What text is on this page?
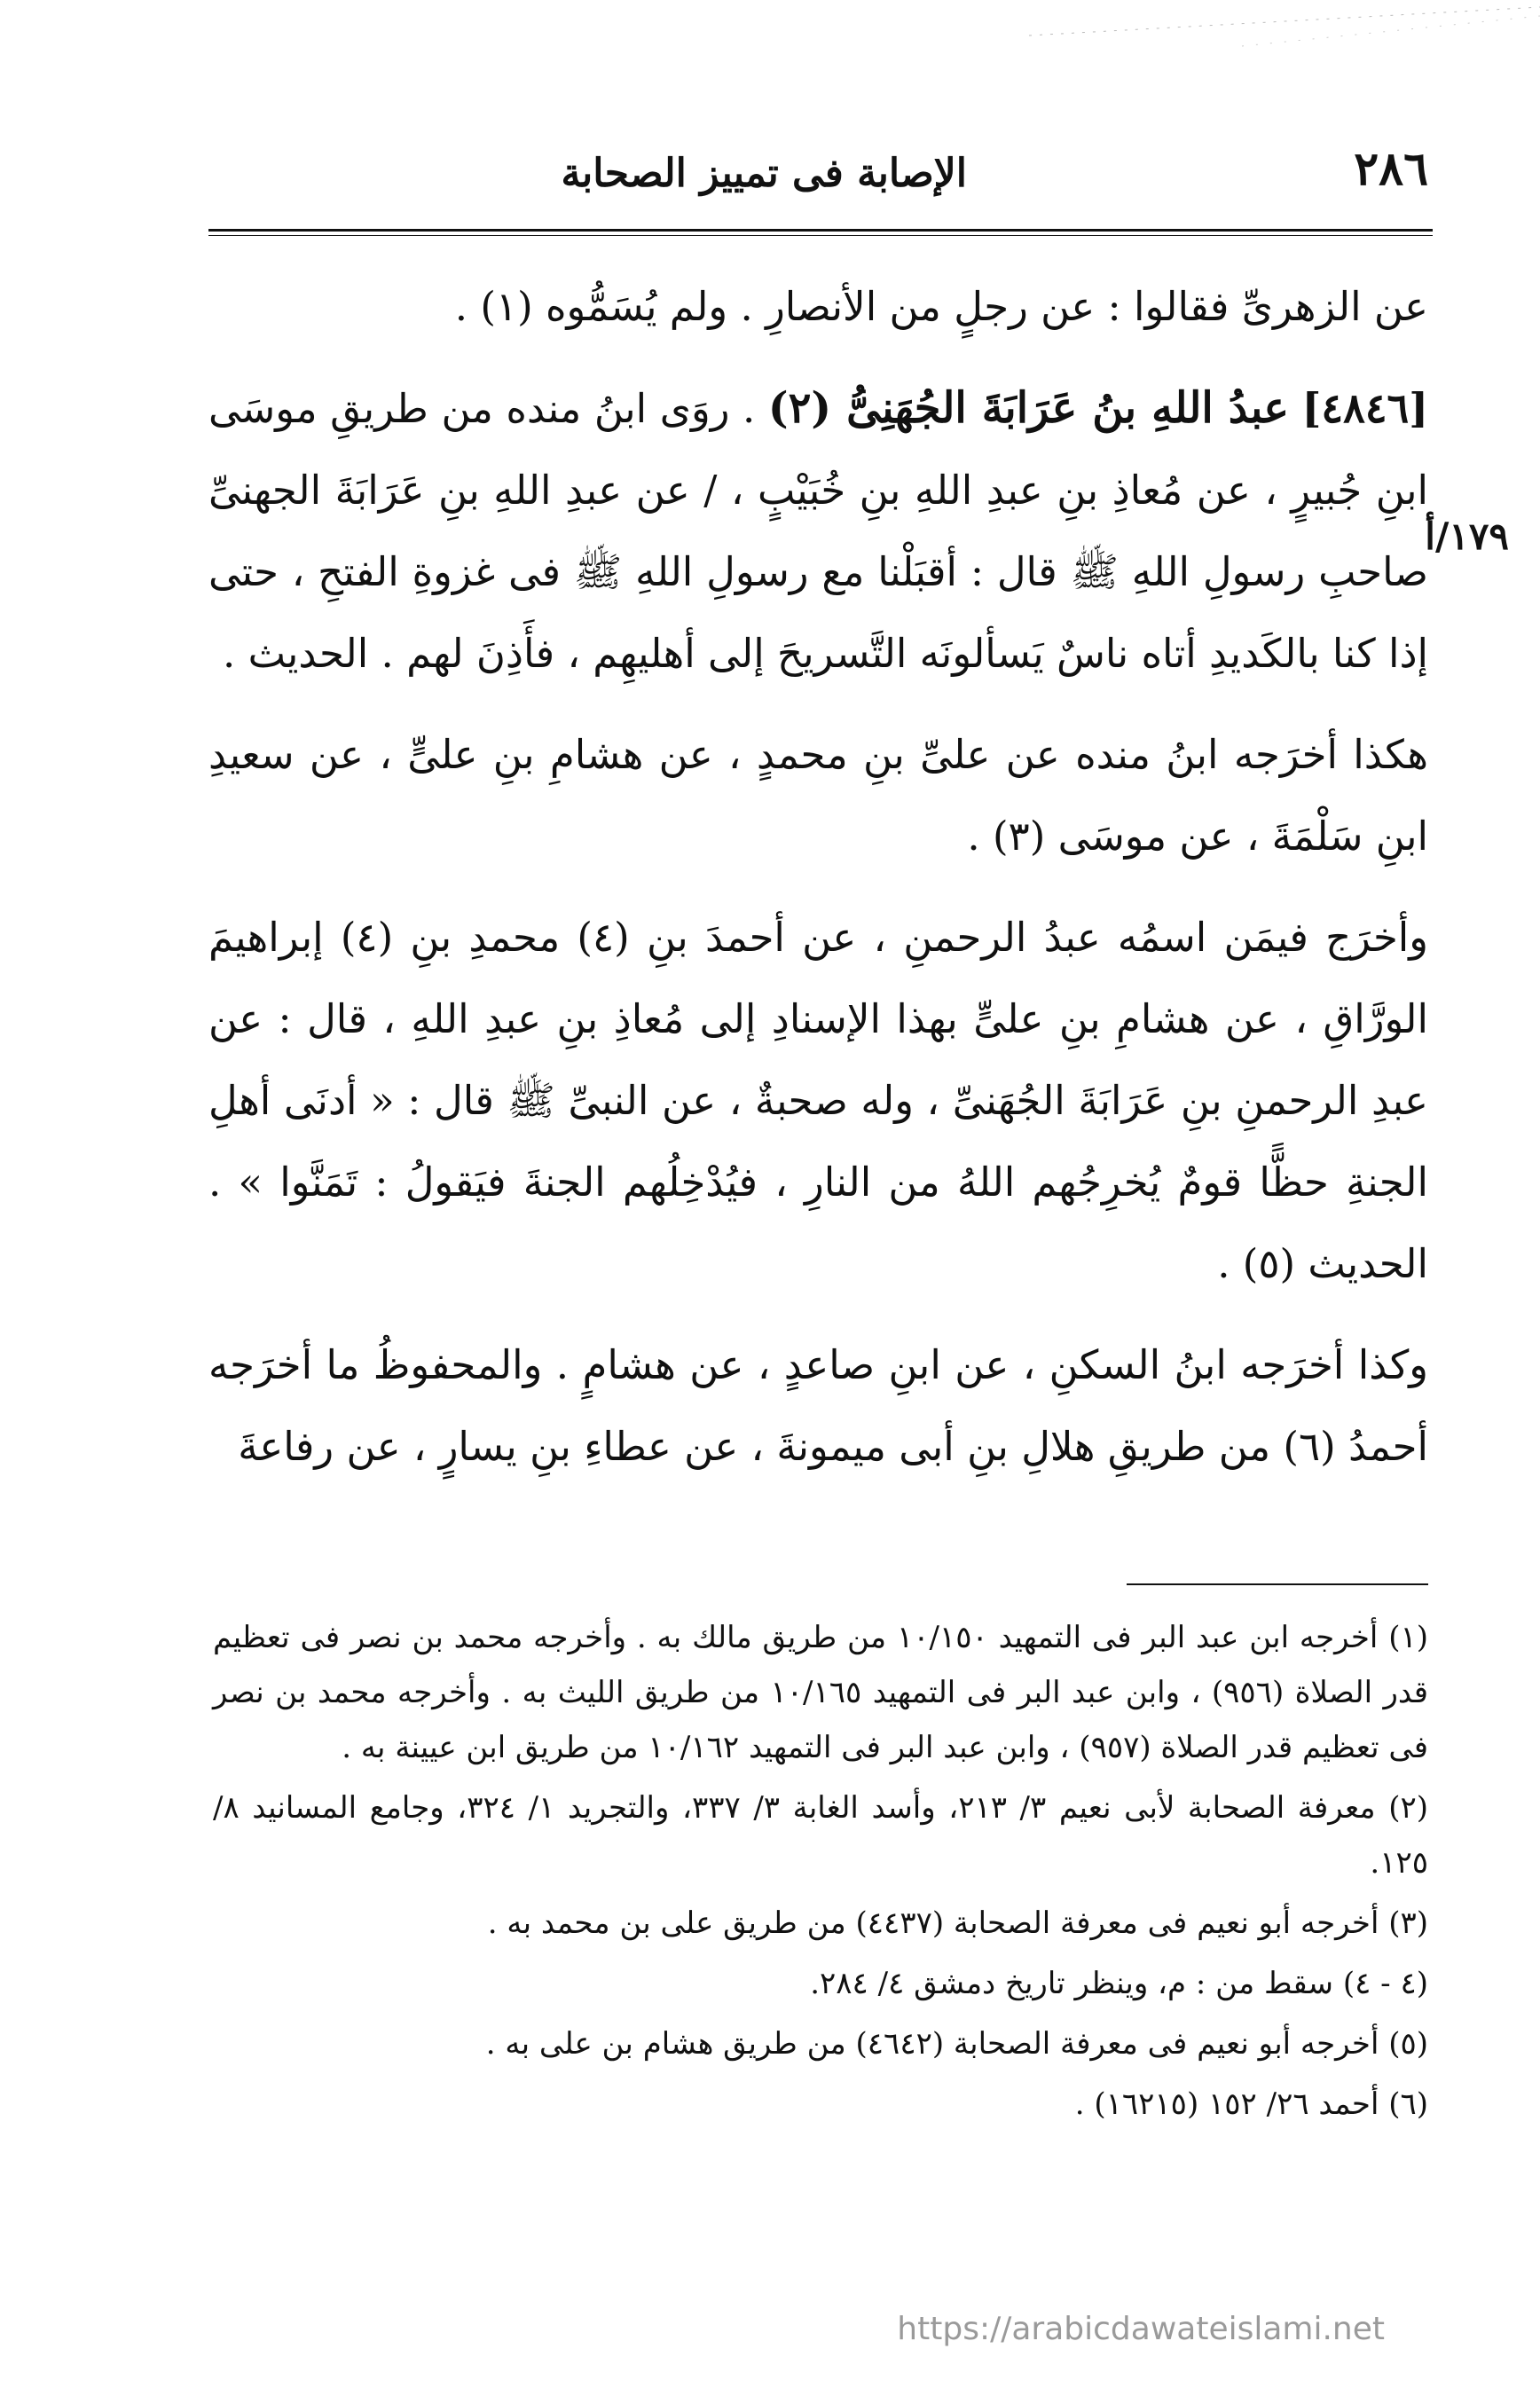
٢٨٦
الإصابة فى تمييز الصحابة
١٧٩/أ

عن الزهرىِّ فقالوا : عن رجلٍ من الأنصارِ . ولم يُسَمُّوه (١) .

[٤٨٤٦] عبدُ اللهِ بنُ عَرَابَةَ الجُهَنِىُّ (٢) . روَى ابنُ منده من طريقِ موسَى ابنِ جُبيرٍ ، عن مُعاذِ بنِ عبدِ اللهِ بنِ خُبَيْبٍ ، / عن عبدِ اللهِ بنِ عَرَابَةَ الجهنىِّ صاحبِ رسولِ اللهِ ﷺ قال : أقبَلْنا مع رسولِ اللهِ ﷺ فى غزوةِ الفتحِ ، حتى إذا كنا بالكَديدِ أتاه ناسٌ يَسألونَه التَّسريحَ إلى أهليهِم ، فأَذِنَ لهم . الحديث .

هكذا أخرَجه ابنُ منده عن علىِّ بنِ محمدٍ ، عن هشامِ بنِ علىٍّ ، عن سعيدِ ابنِ سَلْمَةَ ، عن موسَى (٣) .

وأخرَج فيمَن اسمُه عبدُ الرحمنِ ، عن أحمدَ بنِ (٤) محمدِ بنِ (٤) إبراهيمَ الورَّاقِ ، عن هشامِ بنِ علىٍّ بهذا الإسنادِ إلى مُعاذِ بنِ عبدِ اللهِ ، قال : عن عبدِ الرحمنِ بنِ عَرَابَةَ الجُهَنىِّ ، وله صحبةٌ ، عن النبىِّ ﷺ قال : « أدنَى أهلِ الجنةِ حظًّا قومٌ يُخرِجُهم اللهُ من النارِ ، فيُدْخِلُهم الجنةَ فيَقولُ : تَمَنَّوا » . الحديث (٥) .

وكذا أخرَجه ابنُ السكنِ ، عن ابنِ صاعدٍ ، عن هشامٍ . والمحفوظُ ما أخرَجه أحمدُ (٦) من طريقِ هلالِ بنِ أبى ميمونةَ ، عن عطاءِ بنِ يسارٍ ، عن رفاعةَ

(١) أخرجه ابن عبد البر فى التمهيد ١٠/١٥٠ من طريق مالك به . وأخرجه محمد بن نصر فى تعظيم قدر الصلاة (٩٥٦) ، وابن عبد البر فى التمهيد ١٠/١٦٥ من طريق الليث به . وأخرجه محمد بن نصر فى تعظيم قدر الصلاة (٩٥٧) ، وابن عبد البر فى التمهيد ١٠/١٦٢ من طريق ابن عيينة به .

(٢) معرفة الصحابة لأبى نعيم ٣/ ٢١٣، وأسد الغابة ٣/ ٣٣٧، والتجريد ١/ ٣٢٤، وجامع المسانيد ٨/ ١٢٥.

(٣) أخرجه أبو نعيم فى معرفة الصحابة (٤٤٣٧) من طريق على بن محمد به .

(٤ - ٤) سقط من : م، وينظر تاريخ دمشق ٤/ ٢٨٤.

(٥) أخرجه أبو نعيم فى معرفة الصحابة (٤٦٤٢) من طريق هشام بن على به .

(٦) أحمد ٢٦/ ١٥٢ (١٦٢١٥) .

https://arabicdawateislami.net
